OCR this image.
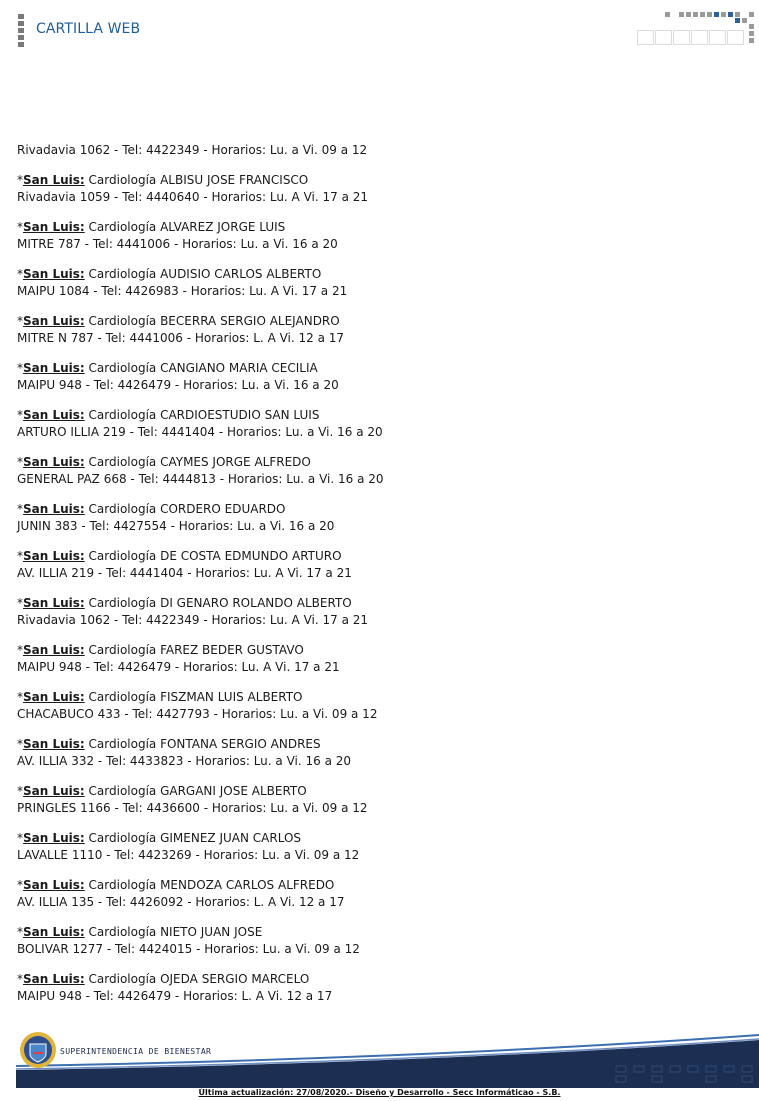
CARTILLA WEB
Rivadavia 1062 - Tel: 4422349 - Horarios: Lu. a Vi. 09 a 12
*San Luis: Cardiología ALBISU JOSE FRANCISCO
Rivadavia 1059 - Tel: 4440640 - Horarios: Lu. A Vi. 17 a 21
*San Luis: Cardiología ALVAREZ JORGE LUIS
MITRE 787 - Tel: 4441006 - Horarios: Lu. a Vi. 16 a 20
*San Luis: Cardiología AUDISIO CARLOS ALBERTO
MAIPU 1084 - Tel: 4426983 - Horarios: Lu. A Vi. 17 a 21
*San Luis: Cardiología BECERRA SERGIO ALEJANDRO
MITRE N 787 - Tel: 4441006 - Horarios: L. A Vi. 12 a 17
*San Luis: Cardiología CANGIANO MARIA CECILIA
MAIPU 948 - Tel: 4426479 - Horarios: Lu. a Vi. 16 a 20
*San Luis: Cardiología CARDIOESTUDIO SAN LUIS
ARTURO ILLIA 219 - Tel: 4441404 - Horarios: Lu. a Vi. 16 a 20
*San Luis: Cardiología CAYMES JORGE ALFREDO
GENERAL PAZ 668 - Tel: 4444813 - Horarios: Lu. a Vi. 16 a 20
*San Luis: Cardiología CORDERO EDUARDO
JUNIN 383 - Tel: 4427554 - Horarios: Lu. a Vi. 16 a 20
*San Luis: Cardiología DE COSTA EDMUNDO ARTURO
AV. ILLIA 219 - Tel: 4441404 - Horarios: Lu. A Vi. 17 a 21
*San Luis: Cardiología DI GENARO ROLANDO ALBERTO
Rivadavia 1062 - Tel: 4422349 - Horarios: Lu. A Vi. 17 a 21
*San Luis: Cardiología FAREZ BEDER GUSTAVO
MAIPU 948 - Tel: 4426479 - Horarios: Lu. A Vi. 17 a 21
*San Luis: Cardiología FISZMAN LUIS ALBERTO
CHACABUCO 433 - Tel: 4427793 - Horarios: Lu. a Vi. 09 a 12
*San Luis: Cardiología FONTANA SERGIO ANDRES
AV. ILLIA 332 - Tel: 4433823 - Horarios: Lu. a Vi. 16 a 20
*San Luis: Cardiología GARGANI JOSE ALBERTO
PRINGLES 1166 - Tel: 4436600 - Horarios: Lu. a Vi. 09 a 12
*San Luis: Cardiología GIMENEZ JUAN CARLOS
LAVALLE 1110 - Tel: 4423269 - Horarios: Lu. a Vi. 09 a 12
*San Luis: Cardiología MENDOZA CARLOS ALFREDO
AV. ILLIA 135 - Tel: 4426092 - Horarios: L. A Vi. 12 a 17
*San Luis: Cardiología NIETO JUAN JOSE
BOLIVAR 1277 - Tel: 4424015 - Horarios: Lu. a Vi. 09 a 12
*San Luis: Cardiología OJEDA SERGIO MARCELO
MAIPU 948 - Tel: 4426479 - Horarios: L. A Vi. 12 a 17
SUPERINTENDENCIA DE BIENESTAR
Última actualización: 27/08/2020.- Diseño y Desarrollo - Secc Informáticao - S.B.
